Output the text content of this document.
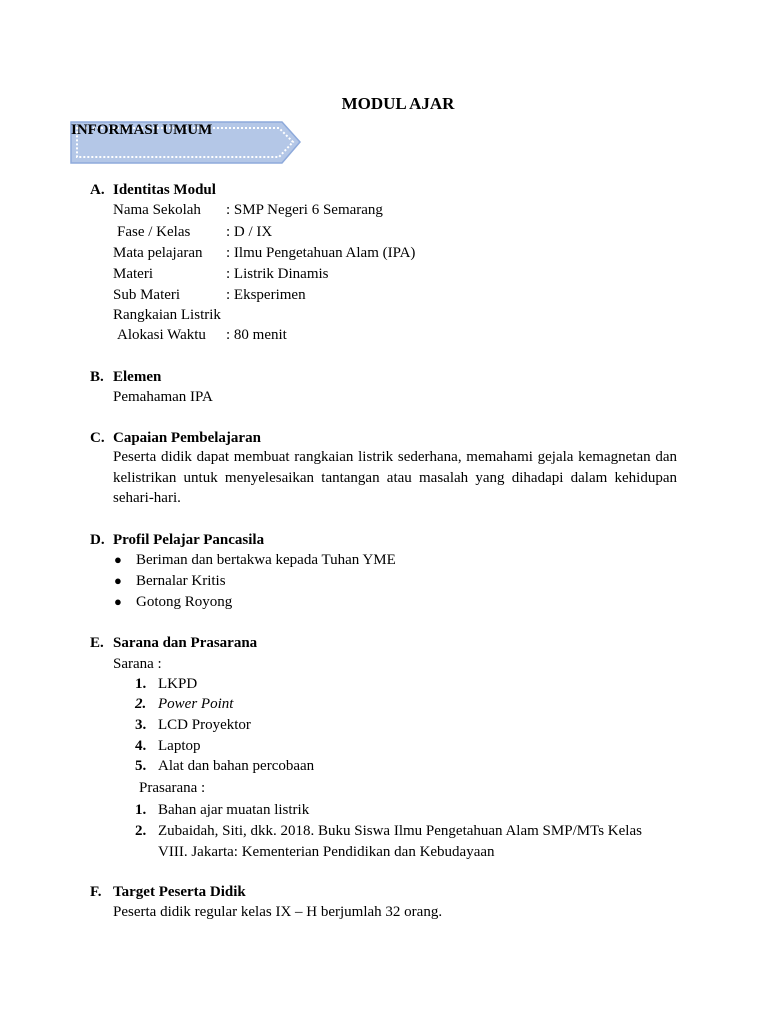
MODUL AJAR
INFORMASI UMUM
A. Identitas Modul
Nama Sekolah : SMP Negeri 6 Semarang
Fase / Kelas : D / IX
Mata pelajaran : Ilmu Pengetahuan Alam (IPA)
Materi	: Listrik Dinamis
Sub Materi	: Eksperimen
Rangkaian Listrik
Alokasi Waktu : 80 menit
B. Elemen
Pemahaman IPA
C. Capaian Pembelajaran
Peserta didik dapat membuat rangkaian listrik sederhana, memahami gejala kemagnetan dan kelistrikan untuk menyelesaikan tantangan atau masalah yang dihadapi dalam kehidupan sehari-hari.
D. Profil Pelajar Pancasila
● Beriman dan bertakwa kepada Tuhan YME
● Bernalar Kritis
● Gotong Royong
E. Sarana dan Prasarana
Sarana :
1. LKPD
2. Power Point
3. LCD Proyektor
4. Laptop
5. Alat dan bahan percobaan
Prasarana :
1. Bahan ajar muatan listrik
2. Zubaidah, Siti, dkk. 2018. Buku Siswa Ilmu Pengetahuan Alam SMP/MTs Kelas
VIII. Jakarta: Kementerian Pendidikan dan Kebudayaan
F. Target Peserta Didik
Peserta didik regular kelas IX – H berjumlah 32 orang.
